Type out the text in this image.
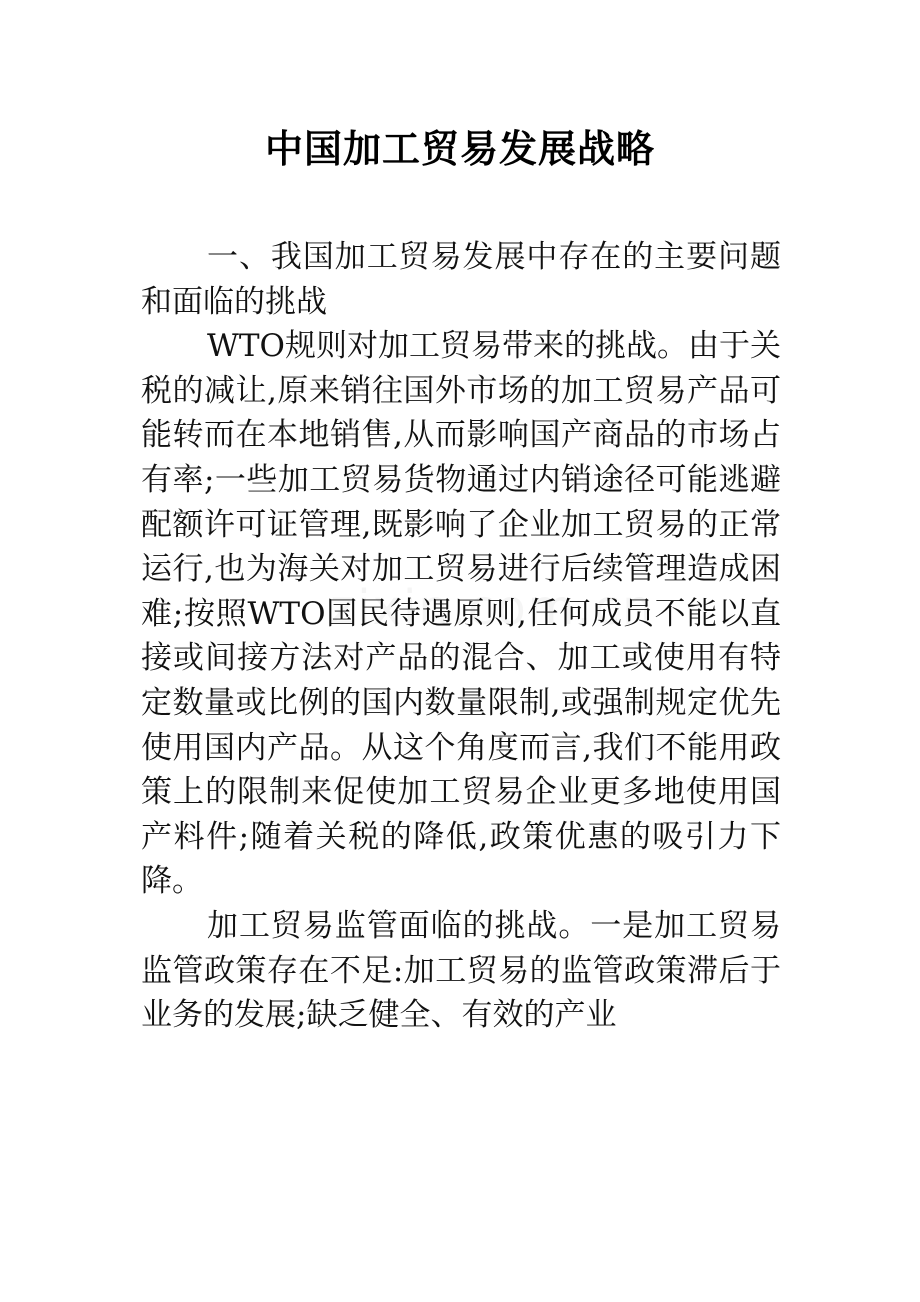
中国加工贸易发展战略

一、我国加工贸易发展中存在的主要问题和面临的挑战

WTO规则对加工贸易带来的挑战。由于关税的减让,原来销往国外市场的加工贸易产品可能转而在本地销售,从而影响国产商品的市场占有率;一些加工贸易货物通过内销途径可能逃避配额许可证管理,既影响了企业加工贸易的正常运行,也为海关对加工贸易进行后续管理造成困难;按照WTO国民待遇原则,任何成员不能以直接或间接方法对产品的混合、加工或使用有特定数量或比例的国内数量限制,或强制规定优先使用国内产品。从这个角度而言,我们不能用政策上的限制来促使加工贸易企业更多地使用国产料件;随着关税的降低,政策优惠的吸引力下降。

加工贸易监管面临的挑战。一是加工贸易监管政策存在不足:加工贸易的监管政策滞后于业务的发展;缺乏健全、有效的产业
